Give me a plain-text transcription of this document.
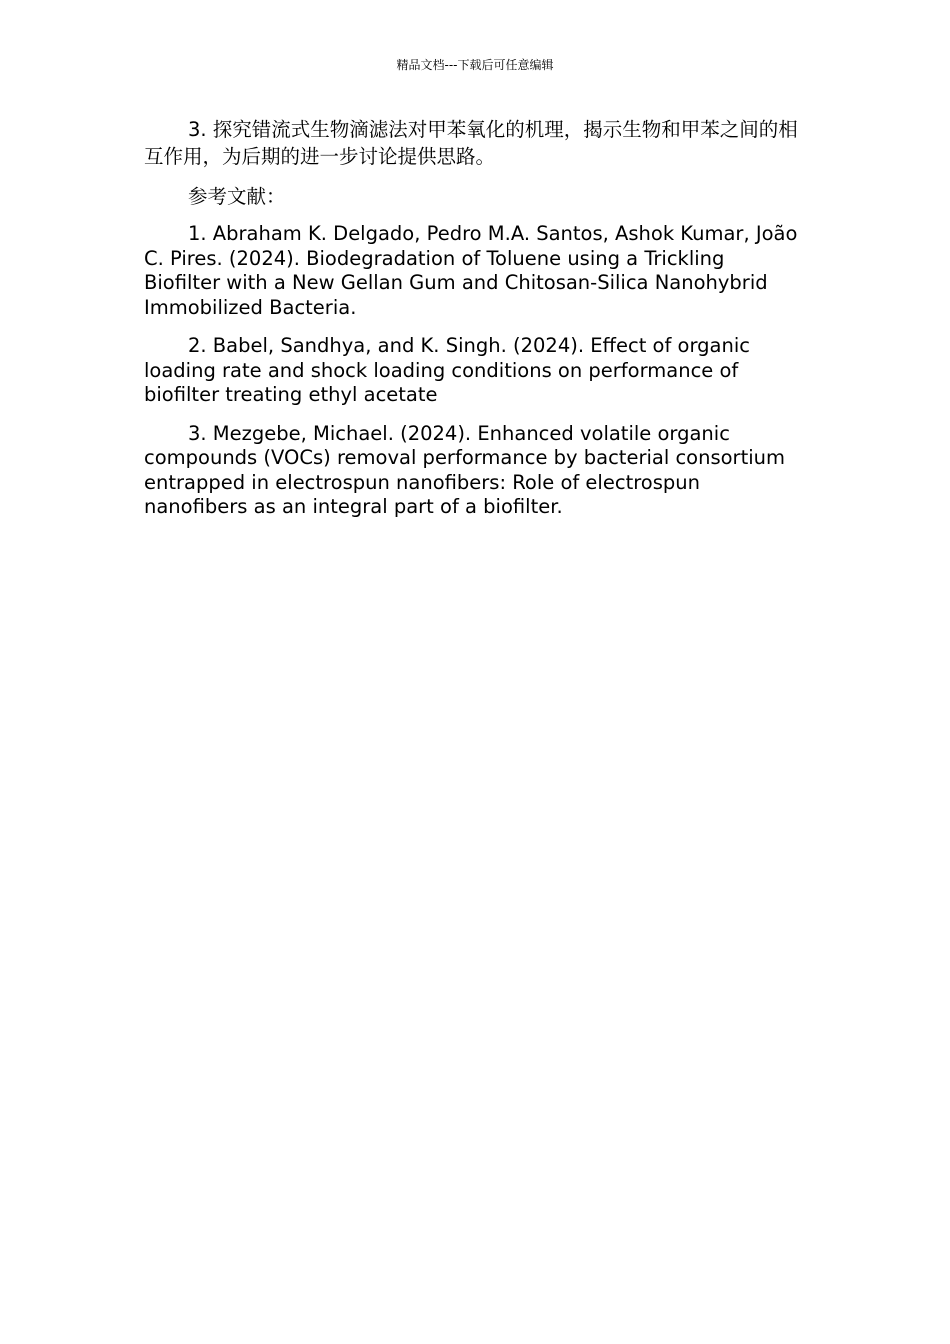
精品文档---下载后可任意编辑

3. 探究错流式生物滴滤法对甲苯氧化的机理，揭示生物和甲苯之间的相互作用，为后期的进一步讨论提供思路。

参考文献：

1. Abraham K. Delgado, Pedro M.A. Santos, Ashok Kumar, João C. Pires. (2024). Biodegradation of Toluene using a Trickling Biofilter with a New Gellan Gum and Chitosan-Silica Nanohybrid Immobilized Bacteria.

2. Babel, Sandhya, and K. Singh. (2024). Effect of organic loading rate and shock loading conditions on performance of biofilter treating ethyl acetate

3. Mezgebe, Michael. (2024). Enhanced volatile organic compounds (VOCs) removal performance by bacterial consortium entrapped in electrospun nanofibers: Role of electrospun nanofibers as an integral part of a biofilter.
